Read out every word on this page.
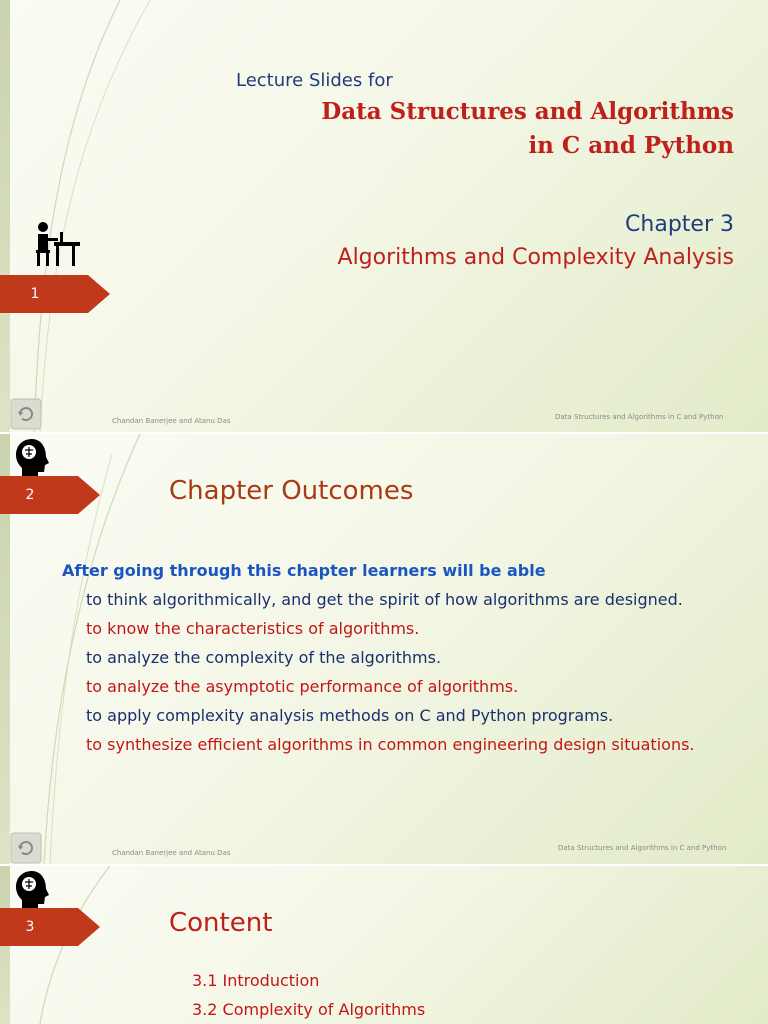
1
Lecture Slides for
Data Structures and Algorithms
in C and Python
Chapter 3
Algorithms and Complexity Analysis
Chandan Banerjee and Atanu Das	Data Structures and Algorithms in C and Python
2	Chapter Outcomes
After going through this chapter learners will be able
to think algorithmically, and get the spirit of how algorithms are designed.
to know the characteristics of algorithms.
to analyze the complexity of the algorithms.
to analyze the asymptotic performance of algorithms.
to apply complexity analysis methods on C and Python programs.
to synthesize efficient algorithms in common engineering design situations.
Chandan Banerjee and Atanu Das
Data Structures and Algorithms in C and Python
3	Content
3.1 Introduction
3.2 Complexity of Algorithms
